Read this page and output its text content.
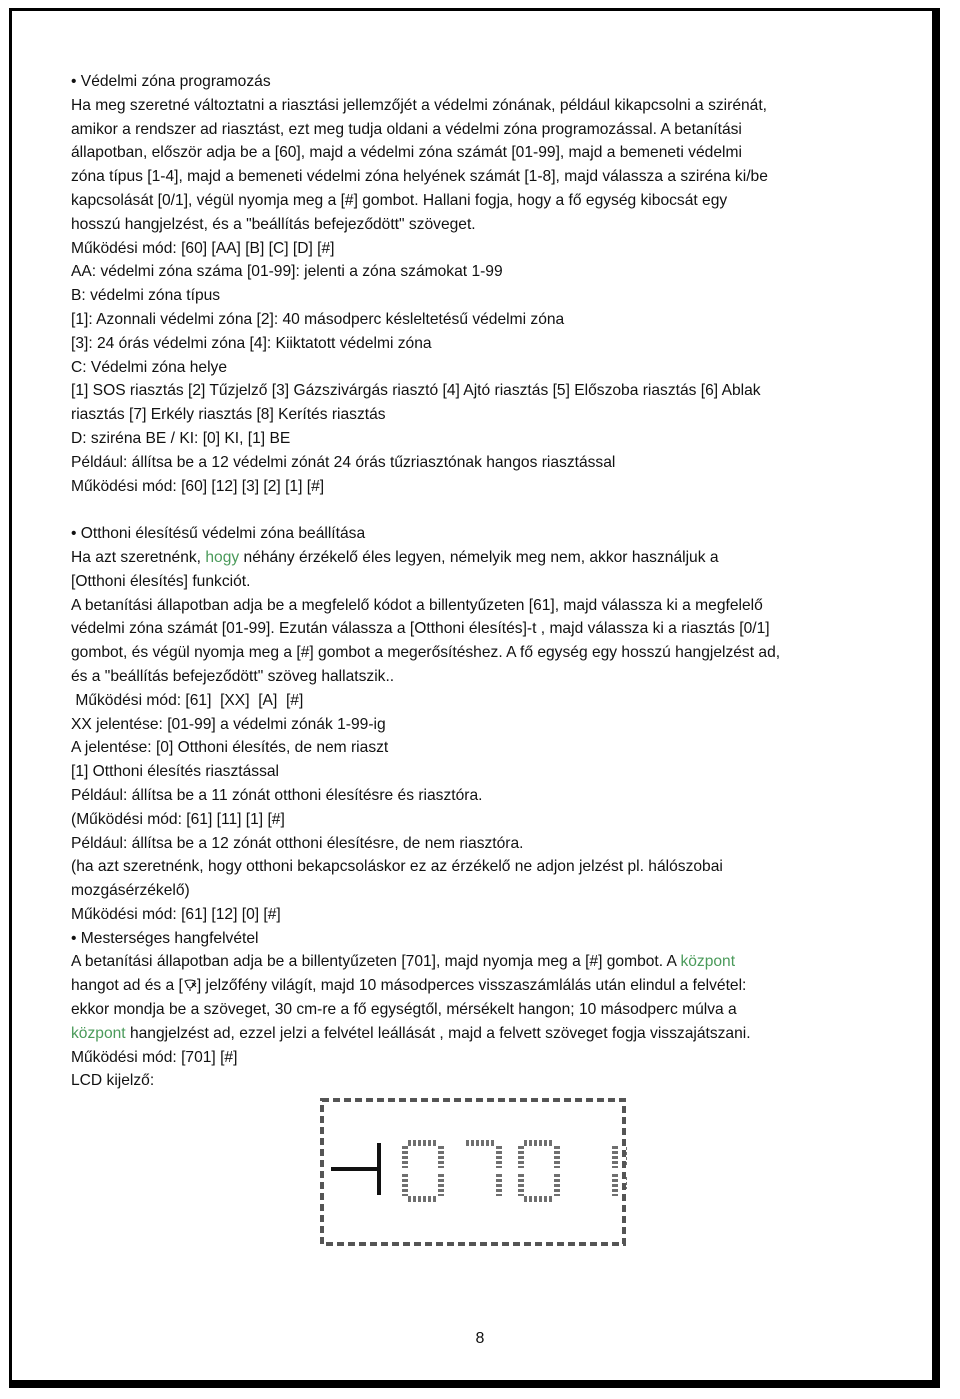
• Védelmi zóna programozás

Ha meg szeretné változtatni a riasztási jellemzőjét a védelmi zónának, például kikapcsolni a szirénát,

amikor a rendszer ad riasztást, ezt meg tudja oldani a védelmi zóna programozással. A betanítási

állapotban, először adja be a [60], majd a védelmi zóna számát [01-99], majd a bemeneti védelmi

zóna típus [1-4], majd a bemeneti védelmi zóna helyének számát [1-8], majd válassza a sziréna ki/be

kapcsolását [0/1], végül nyomja meg a [#] gombot. Hallani fogja, hogy a fő egység kibocsát egy

hosszú hangjelzést, és a "beállítás befejeződött" szöveget.

Működési mód: [60] [AA] [B] [C] [D] [#]

AA: védelmi zóna száma [01-99]: jelenti a zóna számokat 1-99

B: védelmi zóna típus

[1]: Azonnali védelmi zóna [2]: 40 másodperc késleltetésű védelmi zóna

[3]: 24 órás védelmi zóna [4]: Kiiktatott védelmi zóna

C: Védelmi zóna helye

[1] SOS riasztás [2] Tűzjelző [3] Gázszivárgás riasztó [4] Ajtó riasztás [5] Előszoba riasztás [6] Ablak

riasztás [7] Erkély riasztás [8] Kerítés riasztás

D: sziréna BE / KI: [0] KI, [1] BE

Például: állítsa be a 12 védelmi zónát 24 órás tűzriasztónak hangos riasztással

Működési mód: [60] [12] [3] [2] [1] [#]

• Otthoni élesítésű védelmi zóna beállítása

Ha azt szeretnénk, hogy néhány érzékelő éles legyen, némelyik meg nem, akkor használjuk a

[Otthoni élesítés] funkciót.

A betanítási állapotban adja be a megfelelő kódot a billentyűzeten [61], majd válassza ki a megfelelő

védelmi zóna számát [01-99]. Ezután válassza a [Otthoni élesítés]-t , majd válassza ki a riasztás [0/1]

gombot, és végül nyomja meg a [#] gombot a megerősítéshez. A fő egység egy hosszú hangjelzést ad,

és a "beállítás befejeződött" szöveg hallatszik..

Működési mód: [61]  [XX]  [A]  [#]

XX jelentése: [01-99] a védelmi zónák 1-99-ig

A jelentése: [0] Otthoni élesítés, de nem riaszt

[1] Otthoni élesítés riasztással

Például: állítsa be a 11 zónát otthoni élesítésre és riasztóra.

(Működési mód: [61] [11] [1] [#]

Például: állítsa be a 12 zónát otthoni élesítésre, de nem riasztóra.

(ha azt szeretnénk, hogy otthoni bekapcsoláskor ez az érzékelő ne adjon jelzést pl. hálószobai

mozgásérzékelő)

Működési mód: [61] [12] [0] [#]

• Mesterséges hangfelvétel

A betanítási állapotban adja be a billentyűzeten [701], majd nyomja meg a [#] gombot. A központ

hangot ad és a [ ] jelzőfény világít, majd 10 másodperces visszaszámlálás után elindul a felvétel:

ekkor mondja be a szöveget, 30 cm-re a fő egységtől, mérsékelt hangon; 10 másodperc múlva a

központ hangjelzést ad, ezzel jelzi a felvétel leállását , majd a felvett szöveget fogja visszajátszani.

Működési mód: [701] [#]

LCD kijelző:

8
